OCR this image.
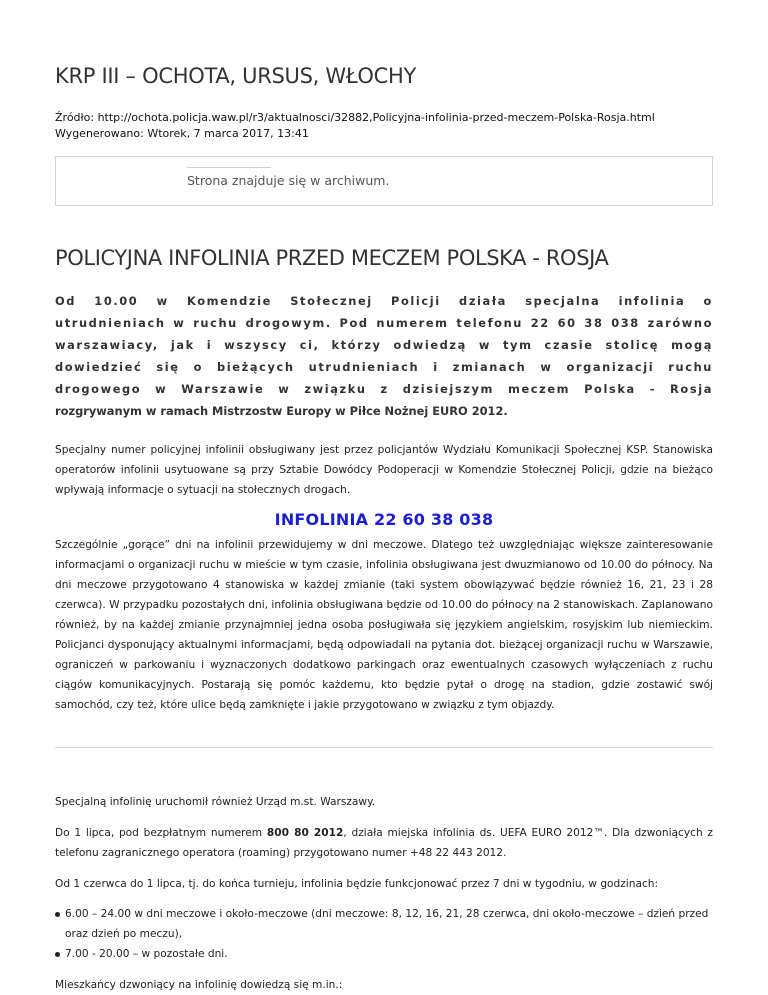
KRP III – OCHOTA, URSUS, WŁOCHY
Źródło: http://ochota.policja.waw.pl/r3/aktualnosci/32882,Policyjna-infolinia-przed-meczem-Polska-Rosja.html
Wygenerowano: Wtorek, 7 marca 2017, 13:41
Strona znajduje się w archiwum.
POLICYJNA INFOLINIA PRZED MECZEM POLSKA - ROSJA
Od 10.00 w Komendzie Stołecznej Policji działa specjalna infolinia o utrudnieniach w ruchu drogowym. Pod numerem telefonu 22 60 38 038 zarówno warszawiacy, jak i wszyscy ci, którzy odwiedzą w tym czasie stolicę mogą dowiedzieć się o bieżących utrudnieniach i zmianach w organizacji ruchu drogowego w Warszawie w związku z dzisiejszym meczem Polska - Rosja rozgrywanym w ramach Mistrzostw Europy w Piłce Nożnej EURO 2012.

Specjalny numer policyjnej infolinii obsługiwany jest przez policjantów Wydziału Komunikacji Społecznej KSP. Stanowiska operatorów infolinii usytuowane są przy Sztabie Dowódcy Podoperacji w Komendzie Stołecznej Policji, gdzie na bieżąco wpływają informacje o sytuacji na stołecznych drogach.

INFOLINIA 22 60 38 038

Szczególnie „gorące” dni na infolinii przewidujemy w dni meczowe. Dlatego też uwzględniając większe zainteresowanie informacjami o organizacji ruchu w mieście w tym czasie, infolinia obsługiwana jest dwuzmianowo od 10.00 do północy. Na dni meczowe przygotowano 4 stanowiska w każdej zmianie (taki system obowiązywać będzie również 16, 21, 23 i 28 czerwca). W przypadku pozostałych dni, infolinia obsługiwana będzie od 10.00 do północy na 2 stanowiskach. Zaplanowano również, by na każdej zmianie przynajmniej jedna osoba posługiwała się językiem angielskim, rosyjskim lub niemieckim. Policjanci dysponujący aktualnymi informacjami, będą odpowiadali na pytania dot. bieżącej organizacji ruchu w Warszawie, ograniczeń w parkowaniu i wyznaczonych dodatkowo parkingach oraz ewentualnych czasowych wyłączeniach z ruchu ciągów komunikacyjnych. Postarają się pomóc każdemu, kto będzie pytał o drogę na stadion, gdzie zostawić swój samochód, czy też, które ulice będą zamknięte i jakie przygotowano w związku z tym objazdy.

Specjalną infolinię uruchomił również Urząd m.st. Warszawy.

Do 1 lipca, pod bezpłatnym numerem 800 80 2012, działa miejska infolinia ds. UEFA EURO 2012™. Dla dzwoniących z telefonu zagranicznego operatora (roaming) przygotowano numer +48 22 443 2012.

Od 1 czerwca do 1 lipca, tj. do końca turnieju, infolinia będzie funkcjonować przez 7 dni w tygodniu, w godzinach:

6.00 – 24.00 w dni meczowe i około-meczowe (dni meczowe: 8, 12, 16, 21, 28 czerwca, dni około-meczowe – dzień przed oraz dzień po meczu),
7.00 - 20.00 – w pozostałe dni.

Mieszkańcy dzwoniący na infolinię dowiedzą się m.in.:
